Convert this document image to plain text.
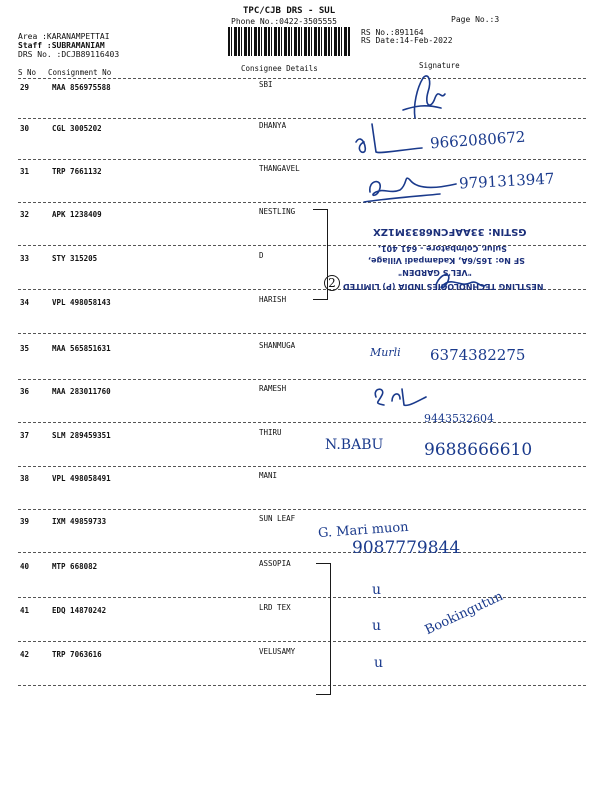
TPC/CJB DRS - SUL
Phone No.:0422-3505555	Page No.:3
Area :KARANAMPETTAI
Staff :SUBRAMANIAM
DRS No. :DCJB89116403
RS No.:891164
RS Date:14-Feb-2022
S No Consignment No	Consignee Details	Signature
29	MAA 856975588	SBI
30	CGL 3005202	DHANYA
31	TRP 7661132	THANGAVEL
32	APK 1238409	NESTLING
33	STY 315205	D
34	VPL 498058143	HARISH
35	MAA 565851631	SHANMUGA
36	MAA 283011760	RAMESH
37	SLM 289459351	THIRU
38	VPL 498058491	MANI
39	IXM 49859733	SUN LEAF
40	MTP 668082	ASSOPIA
41	EDQ 14870242	LRD TEX
42	TRP 7063616	VELUSAMY
9662080672
9791313947
Murli 6374382275
9443532604
N.BABU 9688666610
G. Mari muon
9087779844
Bookingutun
2
u
u
u
NESTLING TECHNOLOGIES INDIA (P) LIMITED
"VEL'S GARDEN"
SF No: 165/6A, Kadampadi Village,
Sulur, Coimbatore - 641 401.
GSTIN: 33AAFCN6833M1ZX
